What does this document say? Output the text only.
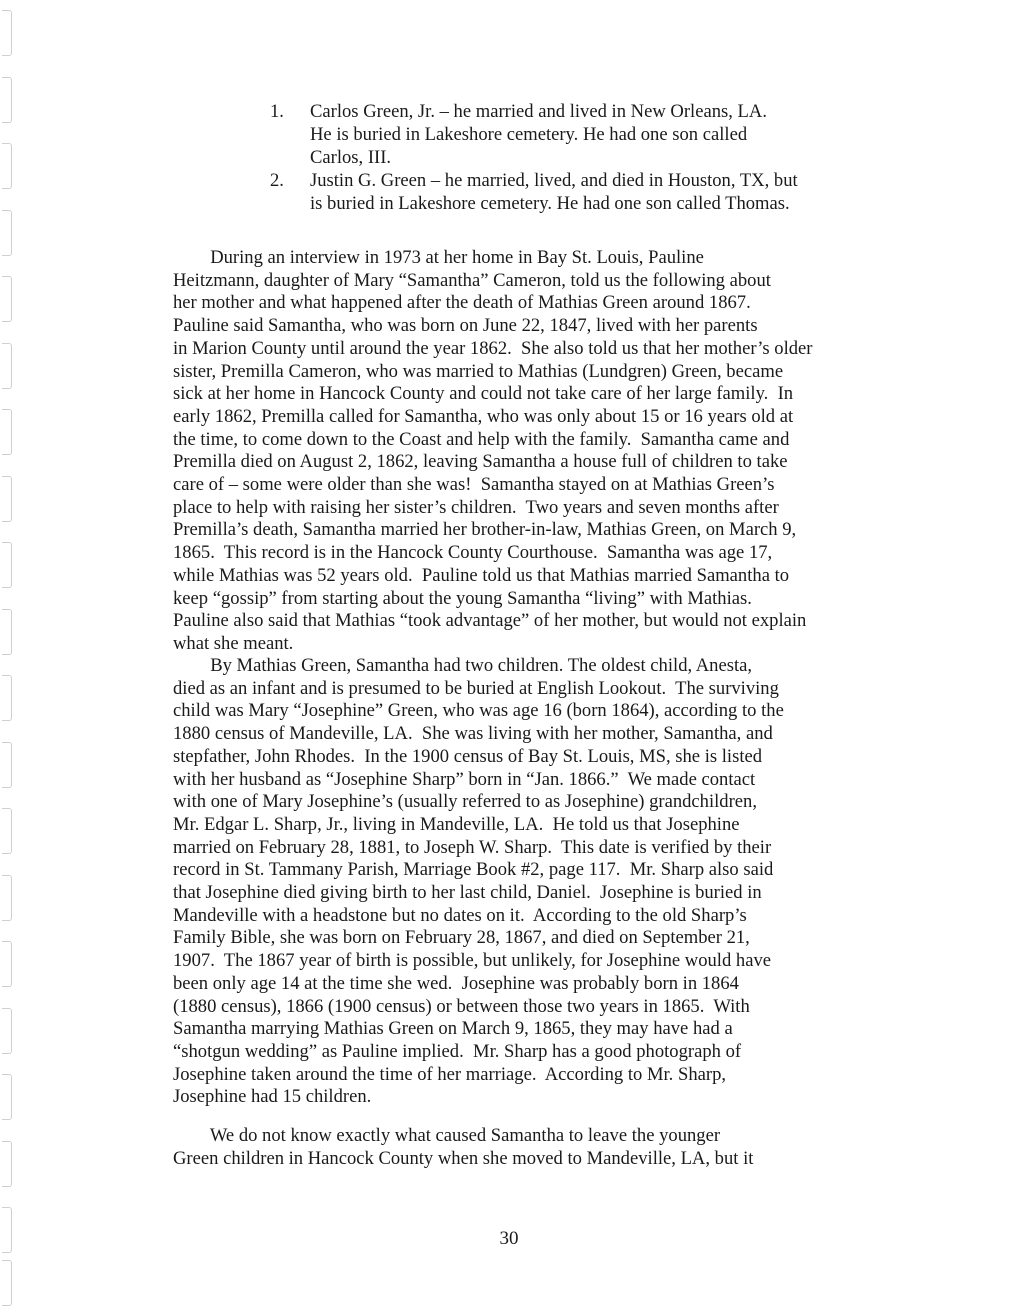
1. Carlos Green, Jr. – he married and lived in New Orleans, LA.
He is buried in Lakeshore cemetery. He had one son called
Carlos, III.
2. Justin G. Green – he married, lived, and died in Houston, TX, but
is buried in Lakeshore cemetery. He had one son called Thomas.
During an interview in 1973 at her home in Bay St. Louis, Pauline
Heitzmann, daughter of Mary “Samantha” Cameron, told us the following about
her mother and what happened after the death of Mathias Green around 1867.
Pauline said Samantha, who was born on June 22, 1847, lived with her parents
in Marion County until around the year 1862.  She also told us that her mother’s older
sister, Premilla Cameron, who was married to Mathias (Lundgren) Green, became
sick at her home in Hancock County and could not take care of her large family.  In
early 1862, Premilla called for Samantha, who was only about 15 or 16 years old at
the time, to come down to the Coast and help with the family.  Samantha came and
Premilla died on August 2, 1862, leaving Samantha a house full of children to take
care of – some were older than she was!  Samantha stayed on at Mathias Green’s
place to help with raising her sister’s children.  Two years and seven months after
Premilla’s death, Samantha married her brother-in-law, Mathias Green, on March 9,
1865.  This record is in the Hancock County Courthouse.  Samantha was age 17,
while Mathias was 52 years old.  Pauline told us that Mathias married Samantha to
keep “gossip” from starting about the young Samantha “living” with Mathias.
Pauline also said that Mathias “took advantage” of her mother, but would not explain
what she meant.
By Mathias Green, Samantha had two children. The oldest child, Anesta,
died as an infant and is presumed to be buried at English Lookout.  The surviving
child was Mary “Josephine” Green, who was age 16 (born 1864), according to the
1880 census of Mandeville, LA.  She was living with her mother, Samantha, and
stepfather, John Rhodes.  In the 1900 census of Bay St. Louis, MS, she is listed
with her husband as “Josephine Sharp” born in “Jan. 1866.”  We made contact
with one of Mary Josephine’s (usually referred to as Josephine) grandchildren,
Mr. Edgar L. Sharp, Jr., living in Mandeville, LA.  He told us that Josephine
married on February 28, 1881, to Joseph W. Sharp.  This date is verified by their
record in St. Tammany Parish, Marriage Book #2, page 117.  Mr. Sharp also said
that Josephine died giving birth to her last child, Daniel.  Josephine is buried in
Mandeville with a headstone but no dates on it.  According to the old Sharp’s
Family Bible, she was born on February 28, 1867, and died on September 21,
1907.  The 1867 year of birth is possible, but unlikely, for Josephine would have
been only age 14 at the time she wed.  Josephine was probably born in 1864
(1880 census), 1866 (1900 census) or between those two years in 1865.  With
Samantha marrying Mathias Green on March 9, 1865, they may have had a
“shotgun wedding” as Pauline implied.  Mr. Sharp has a good photograph of
Josephine taken around the time of her marriage.  According to Mr. Sharp,
Josephine had 15 children.
We do not know exactly what caused Samantha to leave the younger
Green children in Hancock County when she moved to Mandeville, LA, but it
30
